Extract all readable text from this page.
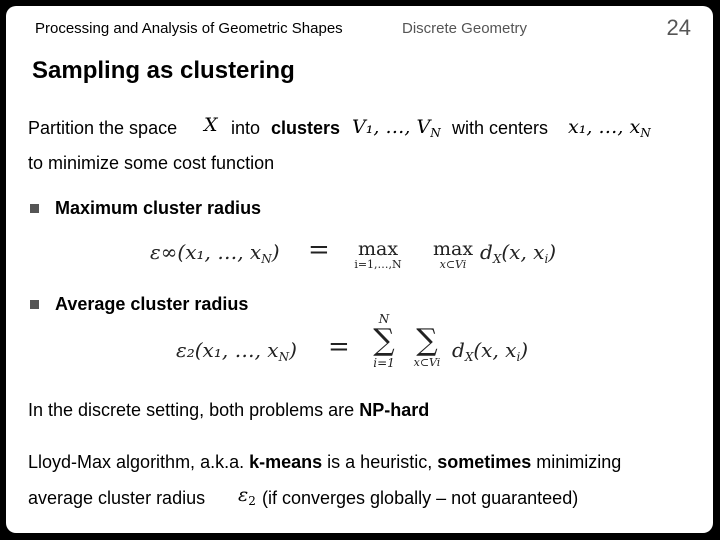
Processing and Analysis of Geometric Shapes	Discrete Geometry	24
Sampling as clustering
Partition the space X into clusters V₁, …, $V_N$ with centers x₁, …, $x_N$
to minimize some cost function
Maximum cluster radius
ε∞(x₁, …, $x_N$) =	max
i=1,…,N
max
x⊂Vi
$d_X(x$, $x_i$)
Average cluster radius
ε₂(x₁, …, $x_N$) =
N
∑
i=1
∑
x⊂Vi
$d_X(x$, $x_i$)
In the discrete setting, both problems are NP-hard
Lloyd-Max algorithm, a.k.a. k-means is a heuristic, sometimes minimizing
average cluster radius $\varepsilon_2$ (if converges globally – not guaranteed)
